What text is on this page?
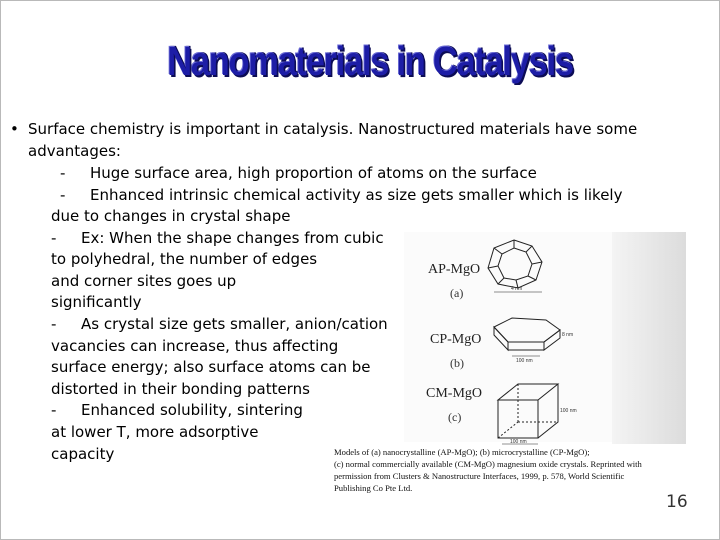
Nanomaterials in Catalysis
• Surface chemistry is important in catalysis. Nanostructured materials have some
advantages:
- Huge surface area, high proportion of atoms on the surface
- Enhanced intrinsic chemical activity as size gets smaller which is likely
due to changes in crystal shape
- Ex: When the shape changes from cubic
to polyhedral, the number of edges
and corner sites goes up
significantly
- As crystal size gets smaller, anion/cation
vacancies can increase, thus affecting
surface energy; also surface atoms can be
distorted in their bonding patterns
- Enhanced solubility, sintering
at lower T, more adsorptive
capacity
AP-MgO
(a)
CP-MgO
(b)
CM-MgO
(c)
4 nm
8 nm
100 nm
100 nm
100 nm
Models of (a) nanocrystalline (AP-MgO); (b) microcrystalline (CP-MgO);
(c) normal commercially available (CM-MgO) magnesium oxide crystals. Reprinted with
permission from Clusters & Nanostructure Interfaces, 1999, p. 578, World Scientific
Publishing Co Pte Ltd.
16
